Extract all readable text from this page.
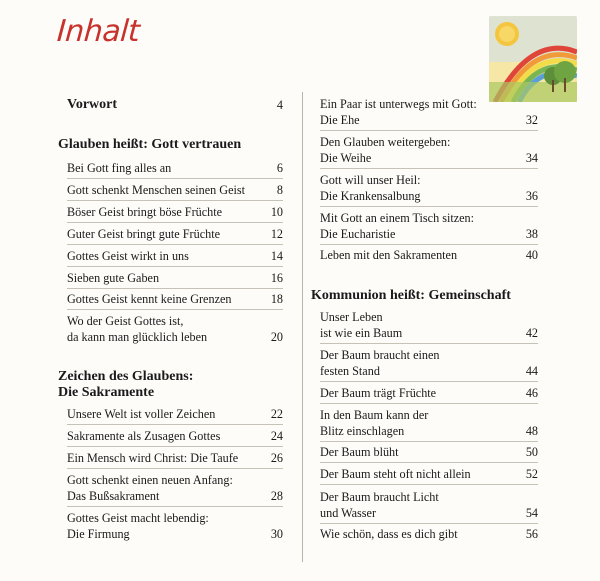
Inhalt
Vorwort	4
Glauben heißt: Gott vertrauen
Bei Gott fing alles an	6
Gott schenkt Menschen seinen Geist	8
Böser Geist bringt böse Früchte	10
Guter Geist bringt gute Früchte	12
Gottes Geist wirkt in uns	14
Sieben gute Gaben	16
Gottes Geist kennt keine Grenzen	18
Wo der Geist Gottes ist,
da kann man glücklich leben	20
Zeichen des Glaubens:
Die Sakramente
Unsere Welt ist voller Zeichen	22
Sakramente als Zusagen Gottes	24
Ein Mensch wird Christ: Die Taufe	26
Gott schenkt einen neuen Anfang:
Das Bußsakrament	28
Gottes Geist macht lebendig:
Die Firmung	30
Ein Paar ist unterwegs mit Gott:
Die Ehe	32
Den Glauben weitergeben:
Die Weihe	34
Gott will unser Heil:
Die Krankensalbung	36
Mit Gott an einem Tisch sitzen:
Die Eucharistie	38
Leben mit den Sakramenten	40
Kommunion heißt: Gemeinschaft
Unser Leben
ist wie ein Baum	42
Der Baum braucht einen
festen Stand	44
Der Baum trägt Früchte	46
In den Baum kann der
Blitz einschlagen	48
Der Baum blüht	50
Der Baum steht oft nicht allein	52
Der Baum braucht Licht
und Wasser	54
Wie schön, dass es dich gibt	56
